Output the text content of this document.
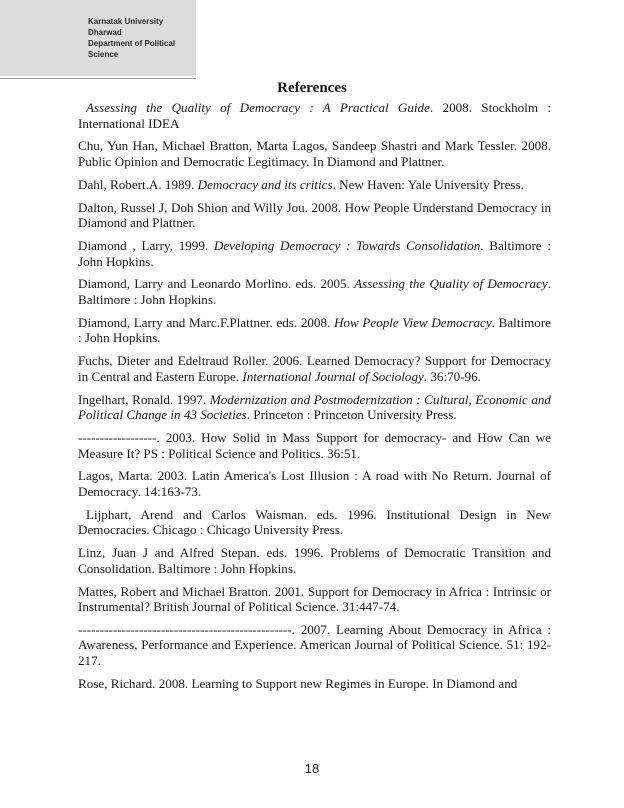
Karnatak University Dharwad
Department of Political Science
References

Assessing the Quality of Democracy : A Practical Guide. 2008. Stockholm : International IDEA

Chu, Yun Han, Michael Bratton, Marta Lagos, Sandeep Shastri and Mark Tessler. 2008. Public Opinion and Democratic Legitimacy. In Diamond and Plattner.

Dahl, Robert.A. 1989. Democracy and its critics. New Haven: Yale University Press.

Dalton, Russel J, Doh Shion and Willy Jou. 2008. How People Understand Democracy in Diamond and Plattner.

Diamond , Larry, 1999. Developing Democracy : Towards Consolidation. Baltimore : John Hopkins.

Diamond, Larry and Leonardo Morlino. eds. 2005. Assessing the Quality of Democracy. Baltimore : John Hopkins.

Diamond, Larry and Marc.F.Plattner. eds. 2008. How People View Democracy. Baltimore : John Hopkins.

Fuchs, Dieter and Edeltraud Roller. 2006. Learned Democracy? Support for Democracy in Central and Eastern Europe. International Journal of Sociology. 36:70-96.

Ingelhart, Ronald. 1997. Modernization and Postmodernization : Cultural, Economic and Political Change in 43 Societies. Princeton : Princeton University Press.

------------------. 2003. How Solid in Mass Support for democracy- and How Can we Measure It? PS : Political Science and Politics. 36:51.

Lagos, Marta. 2003. Latin America's Lost Illusion : A road with No Return. Journal of Democracy. 14:163-73.

Lijphart, Arend and Carlos Waisman. eds. 1996. Institutional Design in New Democracies. Chicago : Chicago University Press.

Linz, Juan J and Alfred Stepan. eds. 1996. Problems of Democratic Transition and Consolidation. Baltimore : John Hopkins.

Mattes, Robert and Michael Bratton. 2001. Support for Democracy in Africa : Intrinsic or Instrumental? British Journal of Political Science. 31:447-74.

-------------------------------------------------. 2007. Learning About Democracy in Africa : Awareness, Performance and Experience. American Journal of Political Science. 51: 192-217.

Rose, Richard. 2008. Learning to Support new Regimes in Europe. In Diamond and

18
